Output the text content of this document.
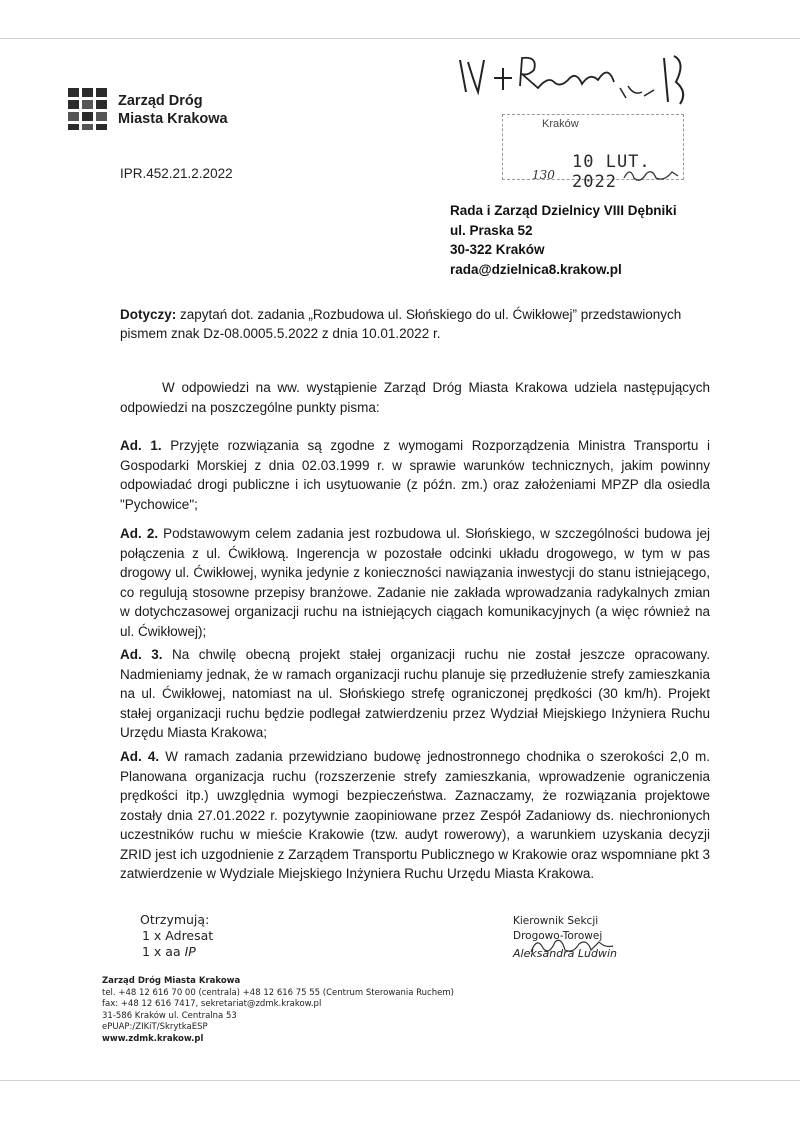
Zarząd Dróg
Miasta Krakowa
IPR.452.21.2.2022
Kraków
10 LUT. 2022
130
Rada i Zarząd Dzielnicy VIII Dębniki
ul. Praska 52
30-322 Kraków
rada@dzielnica8.krakow.pl
Dotyczy: zapytań dot. zadania „Rozbudowa ul. Słońskiego do ul. Ćwikłowej” przedstawionych pismem znak Dz-08.0005.5.2022 z dnia 10.01.2022 r.
W odpowiedzi na ww. wystąpienie Zarząd Dróg Miasta Krakowa udziela następujących odpowiedzi na poszczególne punkty pisma:
Ad. 1. Przyjęte rozwiązania są zgodne z wymogami Rozporządzenia Ministra Transportu i Gospodarki Morskiej z dnia 02.03.1999 r. w sprawie warunków technicznych, jakim powinny odpowiadać drogi publiczne i ich usytuowanie (z późn. zm.) oraz założeniami MPZP dla osiedla "Pychowice";
Ad. 2. Podstawowym celem zadania jest rozbudowa ul. Słońskiego, w szczególności budowa jej połączenia z ul. Ćwikłową. Ingerencja w pozostałe odcinki układu drogowego, w tym w pas drogowy ul. Ćwikłowej, wynika jedynie z konieczności nawiązania inwestycji do stanu istniejącego, co regulują stosowne przepisy branżowe. Zadanie nie zakłada wprowadzania radykalnych zmian w dotychczasowej organizacji ruchu na istniejących ciągach komunikacyjnych (a więc również na ul. Ćwikłowej);
Ad. 3. Na chwilę obecną projekt stałej organizacji ruchu nie został jeszcze opracowany. Nadmieniamy jednak, że w ramach organizacji ruchu planuje się przedłużenie strefy zamieszkania na ul. Ćwikłowej, natomiast na ul. Słońskiego strefę ograniczonej prędkości (30 km/h). Projekt stałej organizacji ruchu będzie podlegał zatwierdzeniu przez Wydział Miejskiego Inżyniera Ruchu Urzędu Miasta Krakowa;
Ad. 4. W ramach zadania przewidziano budowę jednostronnego chodnika o szerokości 2,0 m. Planowana organizacja ruchu (rozszerzenie strefy zamieszkania, wprowadzenie ograniczenia prędkości itp.) uwzględnia wymogi bezpieczeństwa. Zaznaczamy, że rozwiązania projektowe zostały dnia 27.01.2022 r. pozytywnie zaopiniowane przez Zespół Zadaniowy ds. niechronionych uczestników ruchu w mieście Krakowie (tzw. audyt rowerowy), a warunkiem uzyskania decyzji ZRID jest ich uzgodnienie z Zarządem Transportu Publicznego w Krakowie oraz wspomniane pkt 3 zatwierdzenie w Wydziale Miejskiego Inżyniera Ruchu Urzędu Miasta Krakowa.
Otrzymują:
1 x Adresat
1 x aa IP
Kierownik Sekcji
Drogowo-Torowej
Aleksandra Ludwin
Zarząd Dróg Miasta Krakowa
tel. +48 12 616 70 00 (centrala) +48 12 616 75 55 (Centrum Sterowania Ruchem)
fax: +48 12 616 7417, sekretariat@zdmk.krakow.pl
31-586 Kraków ul. Centralna 53
ePUAP:/ZIKiT/SkrytkaESP
www.zdmk.krakow.pl
